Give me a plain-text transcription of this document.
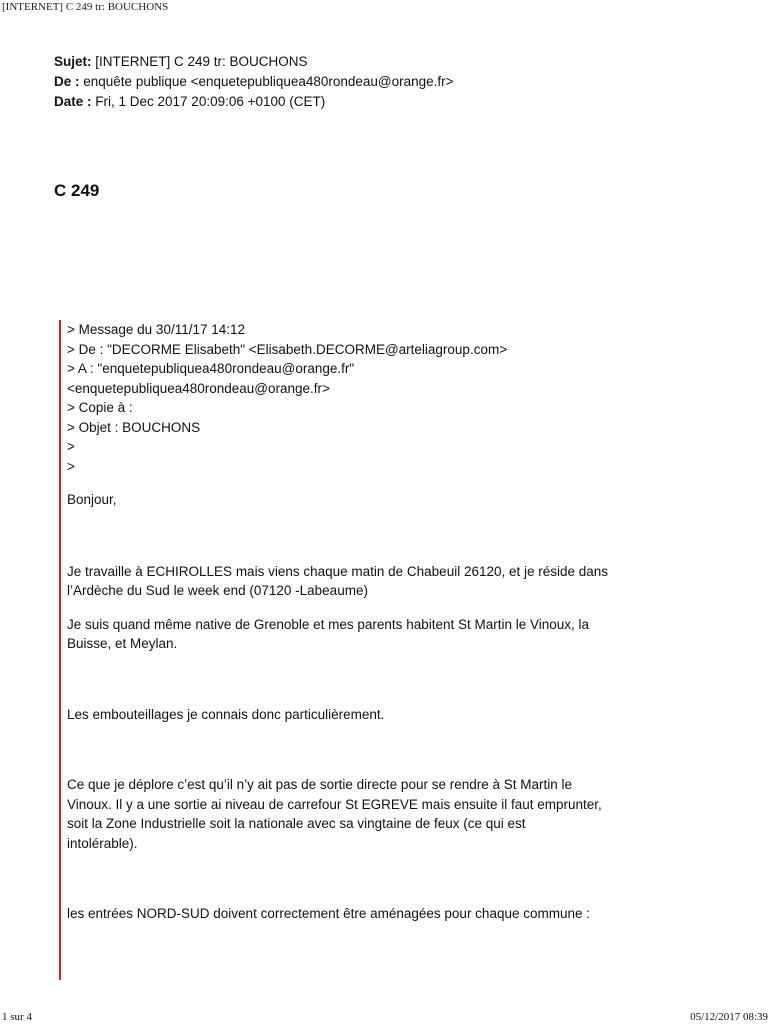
[INTERNET] C 249 tr: BOUCHONS
Sujet: [INTERNET] C 249 tr: BOUCHONS
De : enquête publique <enquetepubliquea480rondeau@orange.fr>
Date : Fri, 1 Dec 2017 20:09:06 +0100 (CET)
C 249
> Message du 30/11/17 14:12
> De : "DECORME Elisabeth" <Elisabeth.DECORME@arteliagroup.com>
> A : "enquetepubliquea480rondeau@orange.fr"
<enquetepubliquea480rondeau@orange.fr>
> Copie à :
> Objet : BOUCHONS
>
>

Bonjour,

Je travaille à ECHIROLLES mais viens chaque matin de Chabeuil 26120, et je réside dans
l’Ardèche du Sud le week end (07120 -Labeaume)
Je suis quand même native de Grenoble et mes parents habitent St Martin le Vinoux, la
Buisse, et Meylan.
Les embouteillages je connais donc particulièrement.
Ce que je déplore c’est qu’il n’y ait pas de sortie directe pour se rendre à St Martin le
Vinoux. Il y a une sortie ai niveau de carrefour St EGREVE mais ensuite il faut emprunter,
soit la Zone Industrielle soit la nationale avec sa vingtaine de feux (ce qui est
intolérable).
les entrées NORD-SUD doivent correctement être aménagées pour chaque commune :
1 sur 4	05/12/2017 08:39
